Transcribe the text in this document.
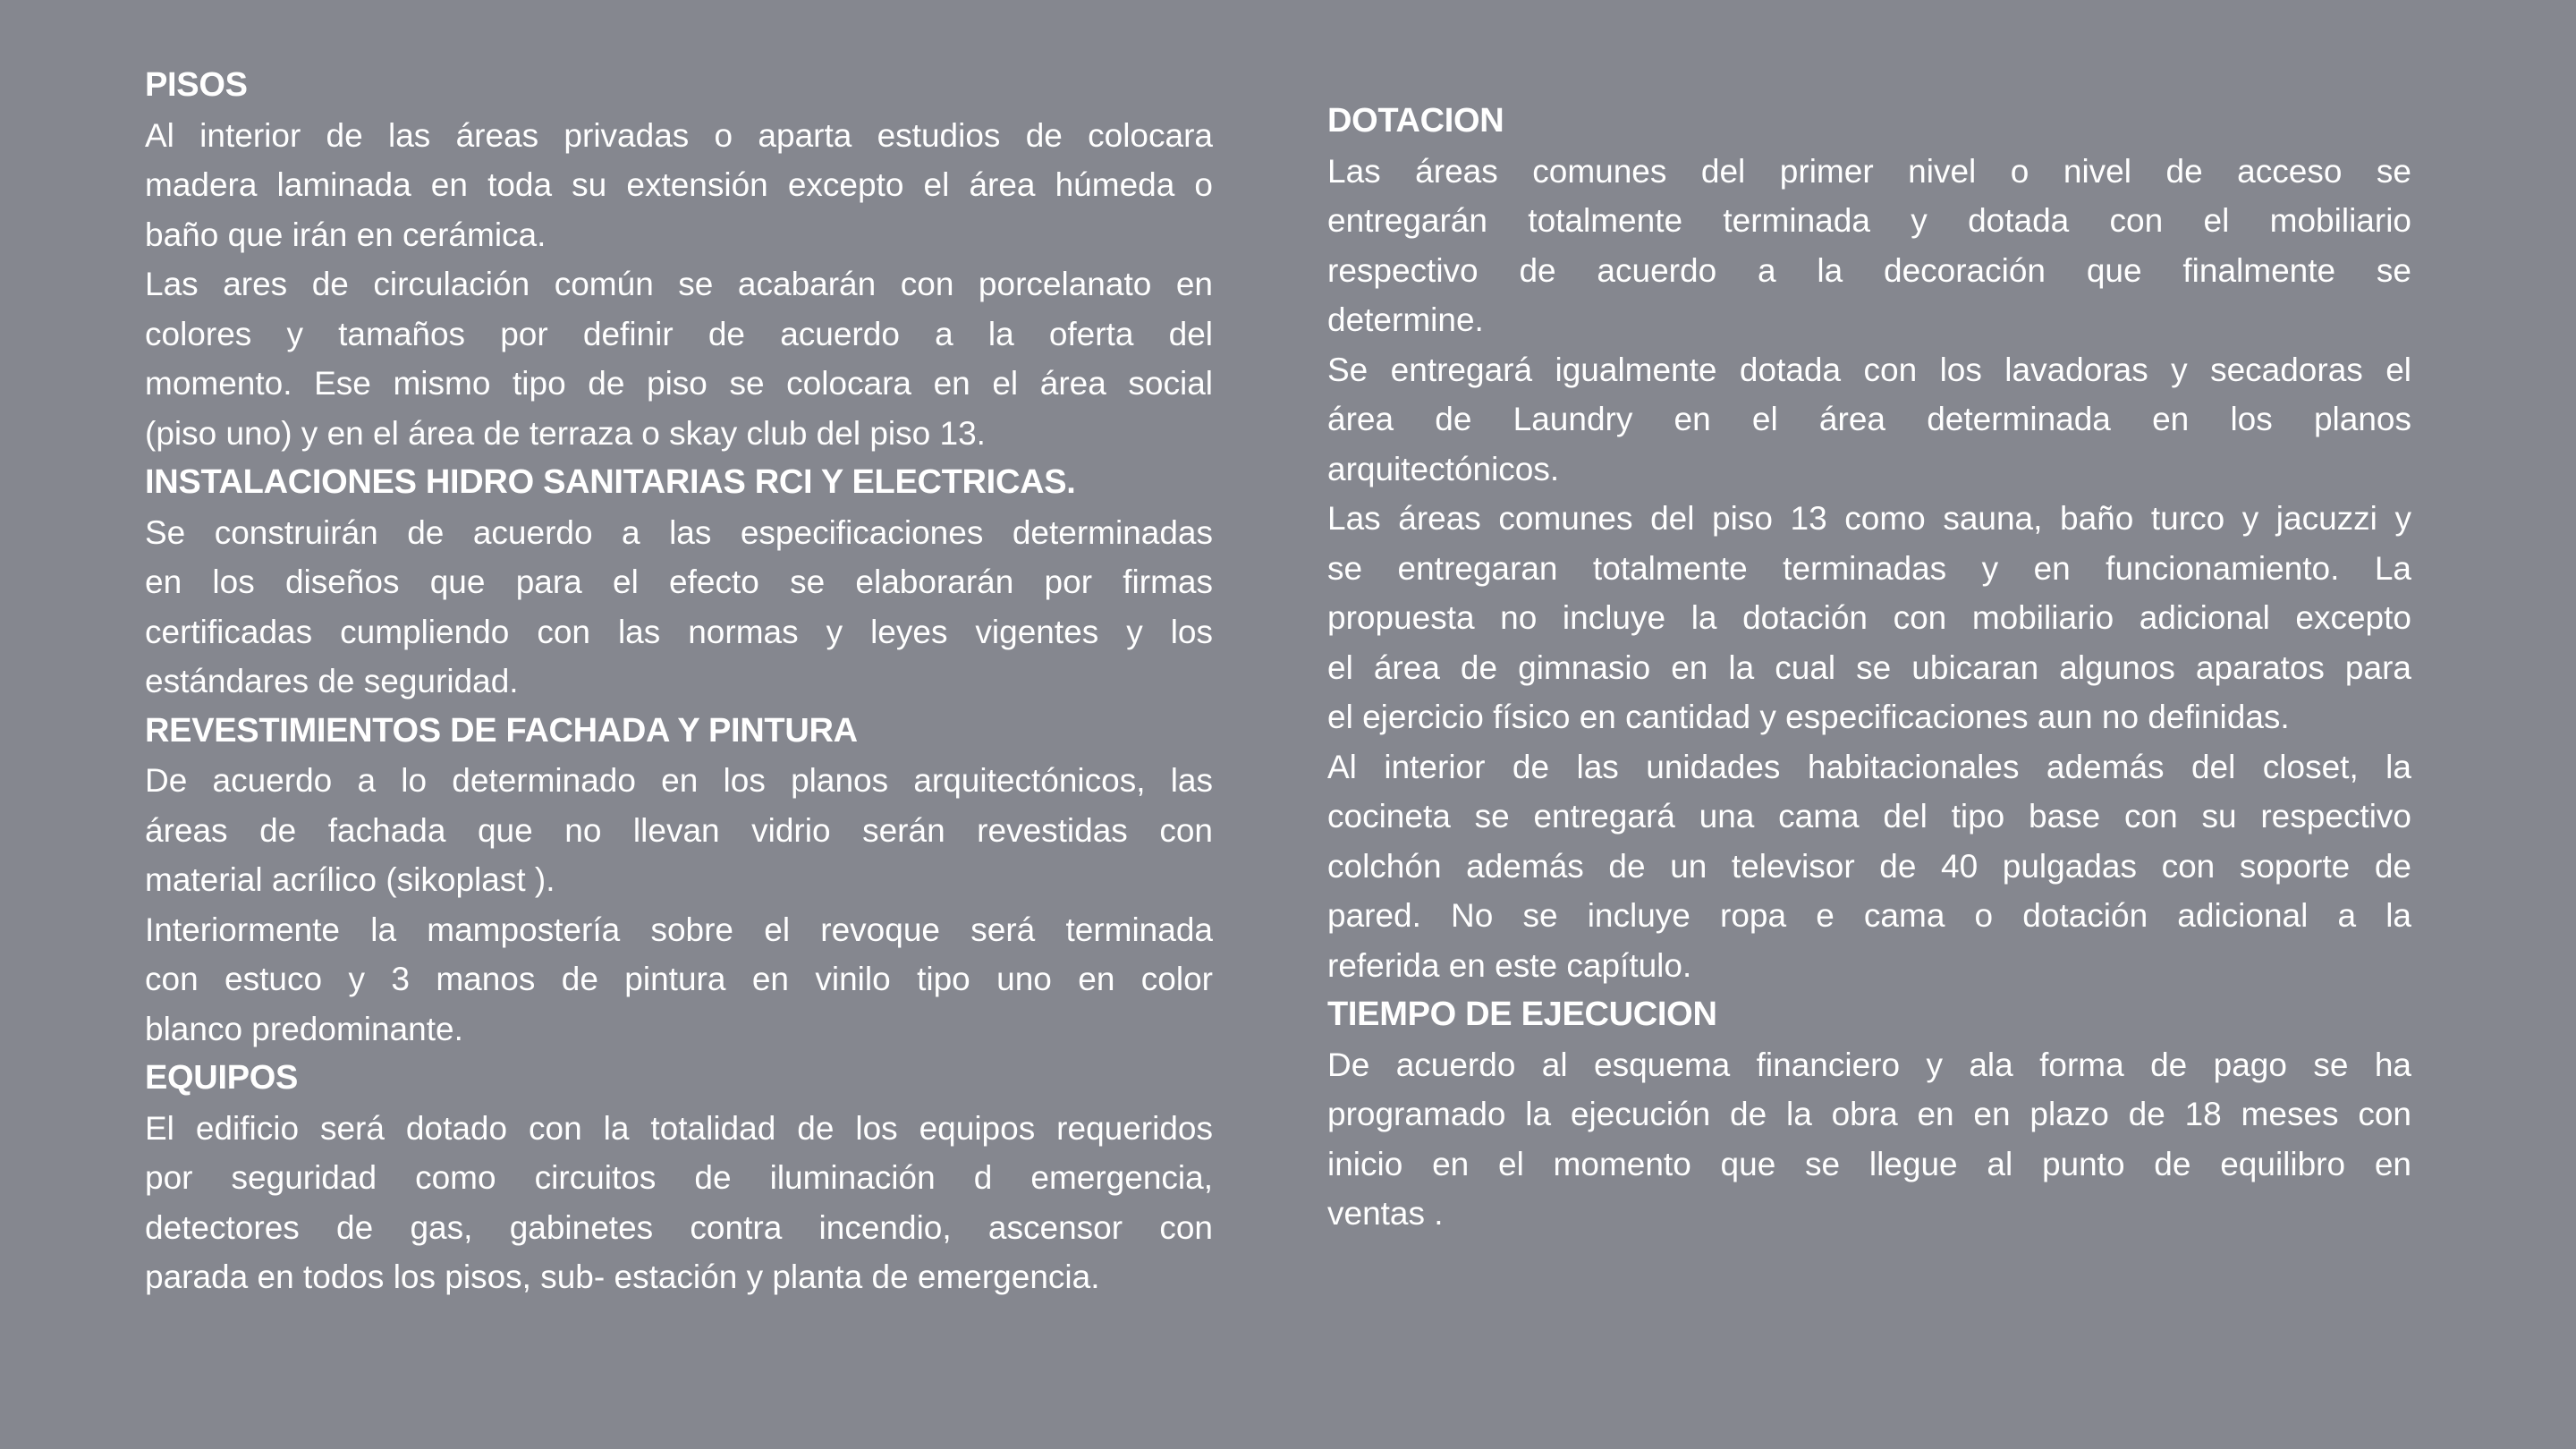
PISOS
Al interior de las áreas privadas o aparta estudios de colocara
madera laminada en toda su extensión excepto el área húmeda o
baño que irán en cerámica.
Las ares de circulación común se acabarán con porcelanato en
colores y tamaños por definir de acuerdo a la oferta del
momento. Ese mismo tipo de piso se colocara en el área social
(piso uno) y en el área de terraza o skay club del piso 13.
INSTALACIONES HIDRO SANITARIAS RCI Y ELECTRICAS.
Se construirán de acuerdo a las especificaciones determinadas
en los diseños que para el efecto se elaborarán por firmas
certificadas cumpliendo con las normas y leyes vigentes y los
estándares de seguridad.
REVESTIMIENTOS DE FACHADA Y PINTURA
De acuerdo a lo determinado en los planos arquitectónicos, las
áreas de fachada que no llevan vidrio serán revestidas con
material acrílico (sikoplast ).
Interiormente la mampostería sobre el revoque será terminada
con estuco y 3 manos de pintura en vinilo tipo uno en color
blanco predominante.
EQUIPOS
El edificio será dotado con la totalidad de los equipos requeridos
por seguridad como circuitos de iluminación d emergencia,
detectores de gas, gabinetes contra incendio, ascensor con
parada en todos los pisos, sub- estación y planta de emergencia.
DOTACION
Las áreas comunes del primer nivel o nivel de acceso se
entregarán totalmente terminada y dotada con el mobiliario
respectivo de acuerdo a la decoración que finalmente se
determine.
Se entregará igualmente dotada con los lavadoras y secadoras el
área de Laundry en el área determinada en los planos
arquitectónicos.
Las áreas comunes del piso 13 como sauna, baño turco y jacuzzi y
se entregaran totalmente terminadas y en funcionamiento. La
propuesta no incluye la dotación con mobiliario adicional excepto
el área de gimnasio en la cual se ubicaran algunos aparatos para
el ejercicio físico en cantidad y especificaciones aun no definidas.
Al interior de las unidades habitacionales además del closet, la
cocineta se entregará una cama del tipo base con su respectivo
colchón además de un televisor de 40 pulgadas con soporte de
pared. No se incluye ropa e cama o dotación adicional a la
referida en este capítulo.
TIEMPO DE EJECUCION
De acuerdo al esquema financiero y ala forma de pago se ha
programado la ejecución de la obra en en plazo de 18 meses con
inicio en el momento que se llegue al punto de equilibro en
ventas .
